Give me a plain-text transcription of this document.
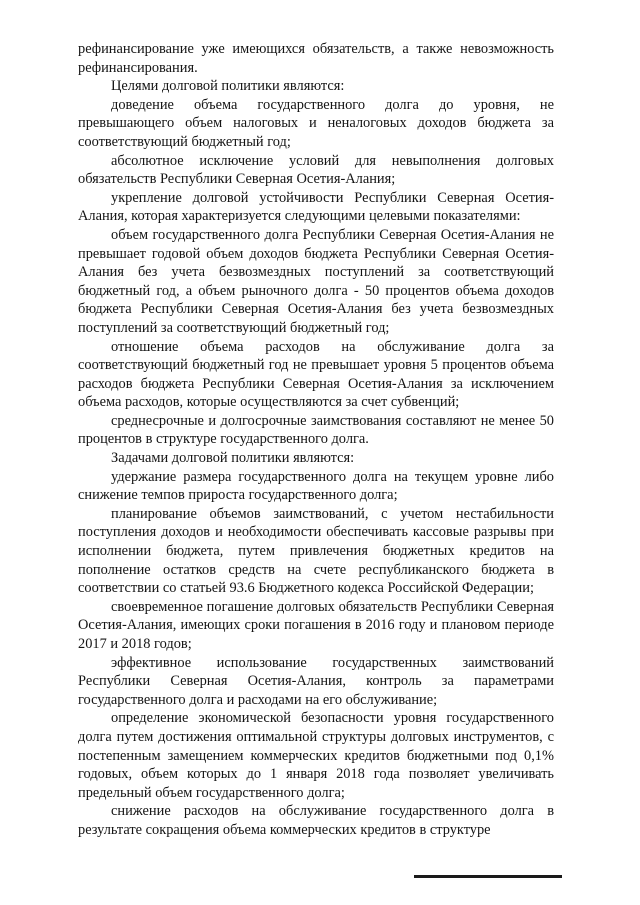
рефинансирование уже имеющихся обязательств, а также невозможность рефинансирования.

Целями долговой политики являются:

доведение объема государственного долга до уровня, не превышающего объем налоговых и неналоговых доходов бюджета за соответствующий бюджетный год;

абсолютное исключение условий для невыполнения долговых обязательств Республики Северная Осетия-Алания;

укрепление долговой устойчивости Республики Северная Осетия-Алания, которая характеризуется следующими целевыми показателями:

объем государственного долга Республики Северная Осетия-Алания не превышает годовой объем доходов бюджета Республики Северная Осетия-Алания без учета безвозмездных поступлений за соответствующий бюджетный год, а объем рыночного долга - 50 процентов объема доходов бюджета Республики Северная Осетия-Алания без учета безвозмездных поступлений за соответствующий бюджетный год;

отношение объема расходов на обслуживание долга за соответствующий бюджетный год не превышает уровня 5 процентов объема расходов бюджета Республики Северная Осетия-Алания за исключением объема расходов, которые осуществляются за счет субвенций;

среднесрочные и долгосрочные заимствования составляют не менее 50 процентов в структуре государственного долга.

Задачами долговой политики являются:

удержание размера государственного долга на текущем уровне либо снижение темпов прироста государственного долга;

планирование объемов заимствований, с учетом нестабильности поступления доходов и необходимости обеспечивать кассовые разрывы при исполнении бюджета, путем привлечения бюджетных кредитов на пополнение остатков средств на счете республиканского бюджета в соответствии со статьей 93.6 Бюджетного кодекса Российской Федерации;

своевременное погашение долговых обязательств Республики Северная Осетия-Алания, имеющих сроки погашения в 2016 году и плановом периоде 2017 и 2018 годов;

эффективное использование государственных заимствований Республики Северная Осетия-Алания, контроль за параметрами государственного долга и расходами на его обслуживание;

определение экономической безопасности уровня государственного долга путем достижения оптимальной структуры долговых инструментов, с постепенным замещением коммерческих кредитов бюджетными под 0,1% годовых, объем которых до 1 января 2018 года позволяет увеличивать предельный объем государственного долга;

снижение расходов на обслуживание государственного долга в результате сокращения объема коммерческих кредитов в структуре
